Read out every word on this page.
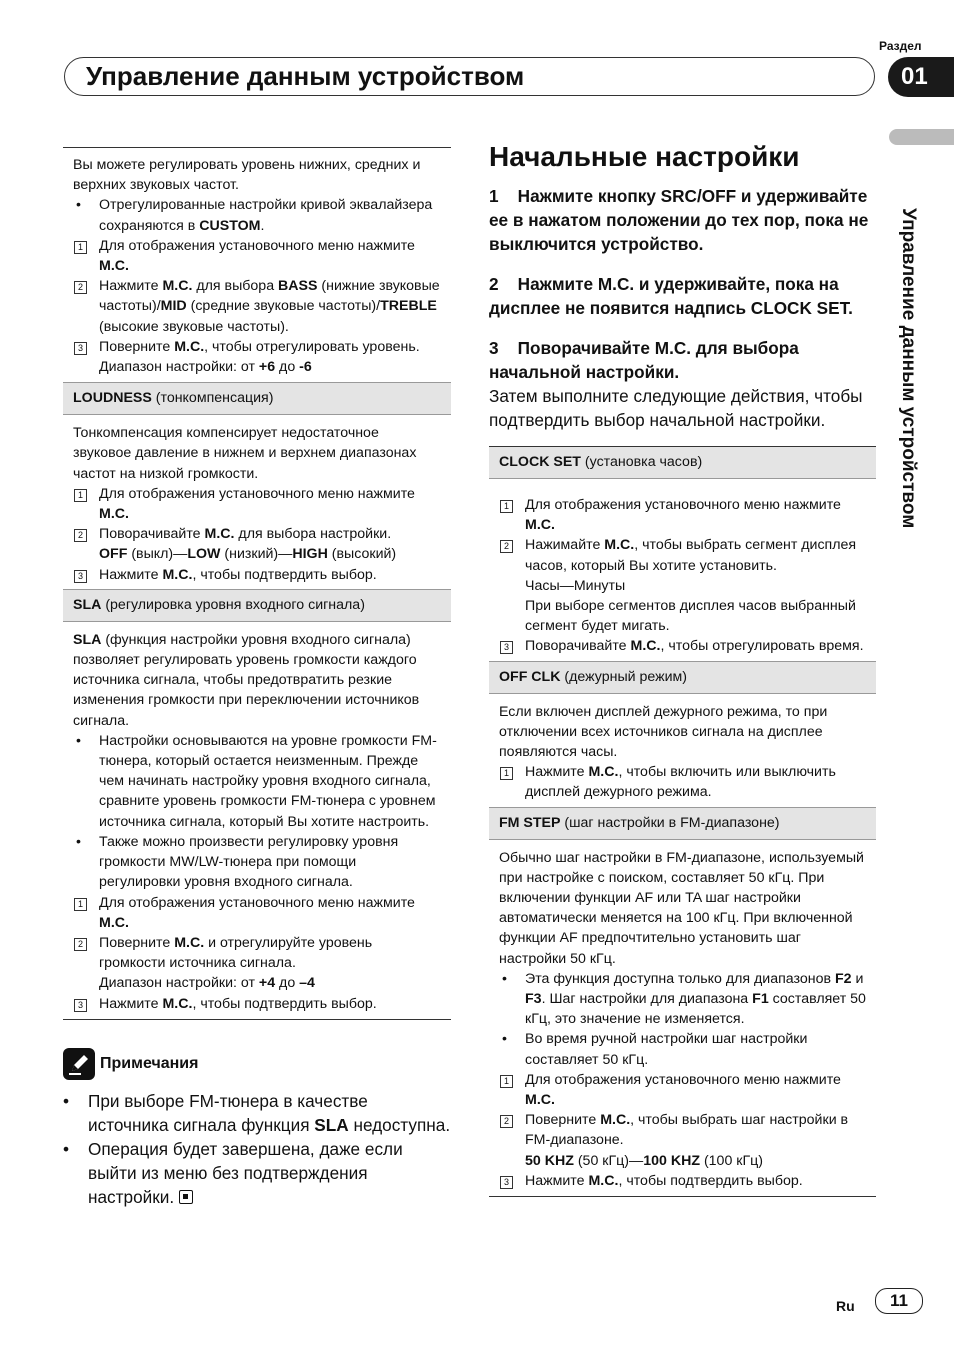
Раздел
01
Управление данным устройством
Управление данным устройством

Вы можете регулировать уровень нижних, средних и верхних звуковых частот.

• Отрегулированные настройки кривой эквалайзера сохраняются в CUSTOM.
1 Для отображения установочного меню нажмите M.C.
2 Нажмите M.C. для выбора BASS (нижние звуковые частоты)/MID (средние звуковые частоты)/TREBLE (высокие звуковые частоты).
3 Поверните M.C., чтобы отрегулировать уровень.
Диапазон настройки: от +6 до -6
LOUDNESS (тонкомпенсация)

Тонкомпенсация компенсирует недостаточное звуковое давление в нижнем и верхнем диапазонах частот на низкой громкости.

1 Для отображения установочного меню нажмите M.C.
2 Поворачивайте M.C. для выбора настройки.
OFF (выкл)—LOW (низкий)—HIGH (высокий)
3 Нажмите M.C., чтобы подтвердить выбор.
SLA (регулировка уровня входного сигнала)

SLA (функция настройки уровня входного сигнала) позволяет регулировать уровень громкости каждого источника сигнала, чтобы предотвратить резкие изменения громкости при переключении источников сигнала.

• Настройки основываются на уровне громкости FM-тюнера, который остается неизменным. Прежде чем начинать настройку уровня входного сигнала, сравните уровень громкости FM-тюнера с уровнем источника сигнала, который Вы хотите настроить.
• Также можно произвести регулировку уровня громкости MW/LW-тюнера при помощи регулировки уровня входного сигнала.
1 Для отображения установочного меню нажмите M.C.
2 Поверните M.C. и отрегулируйте уровень громкости источника сигнала.
Диапазон настройки: от +4 до –4
3 Нажмите M.C., чтобы подтвердить выбор.
Примечания
• При выборе FM-тюнера в качестве источника сигнала функция SLA недоступна.
• Операция будет завершена, даже если выйти из меню без подтверждения настройки.
Начальные настройки
1 Нажмите кнопку SRC/OFF и удерживайте ее в нажатом положении до тех пор, пока не выключится устройство.
2 Нажмите M.C. и удерживайте, пока на дисплее не появится надпись CLOCK SET.
3 Поворачивайте M.C. для выбора начальной настройки.
Затем выполните следующие действия, чтобы подтвердить выбор начальной настройки.
CLOCK SET (установка часов)
1 Для отображения установочного меню нажмите M.C.
2 Нажимайте M.C., чтобы выбрать сегмент дисплея часов, который Вы хотите установить.
Часы—Минуты
При выборе сегментов дисплея часов выбранный сегмент будет мигать.
3 Поворачивайте M.C., чтобы отрегулировать время.
OFF CLK (дежурный режим)

Если включен дисплей дежурного режима, то при отключении всех источников сигнала на дисплее появляются часы.

1 Нажмите M.C., чтобы включить или выключить дисплей дежурного режима.
FM STEP (шаг настройки в FM-диапазоне)

Обычно шаг настройки в FM-диапазоне, используемый при настройке с поиском, составляет 50 кГц. При включении функции AF или TA шаг настройки автоматически меняется на 100 кГц. При включенной функции AF предпочтительно установить шаг настройки 50 кГц.

• Эта функция доступна только для диапазонов F2 и F3. Шаг настройки для диапазона F1 составляет 50 кГц, это значение не изменяется.
• Во время ручной настройки шаг настройки составляет 50 кГц.
1 Для отображения установочного меню нажмите M.C.
2 Поверните M.C., чтобы выбрать шаг настройки в FM-диапазоне.
50 KHZ (50 кГц)—100 KHZ (100 кГц)
3 Нажмите M.C., чтобы подтвердить выбор.
Ru	11
